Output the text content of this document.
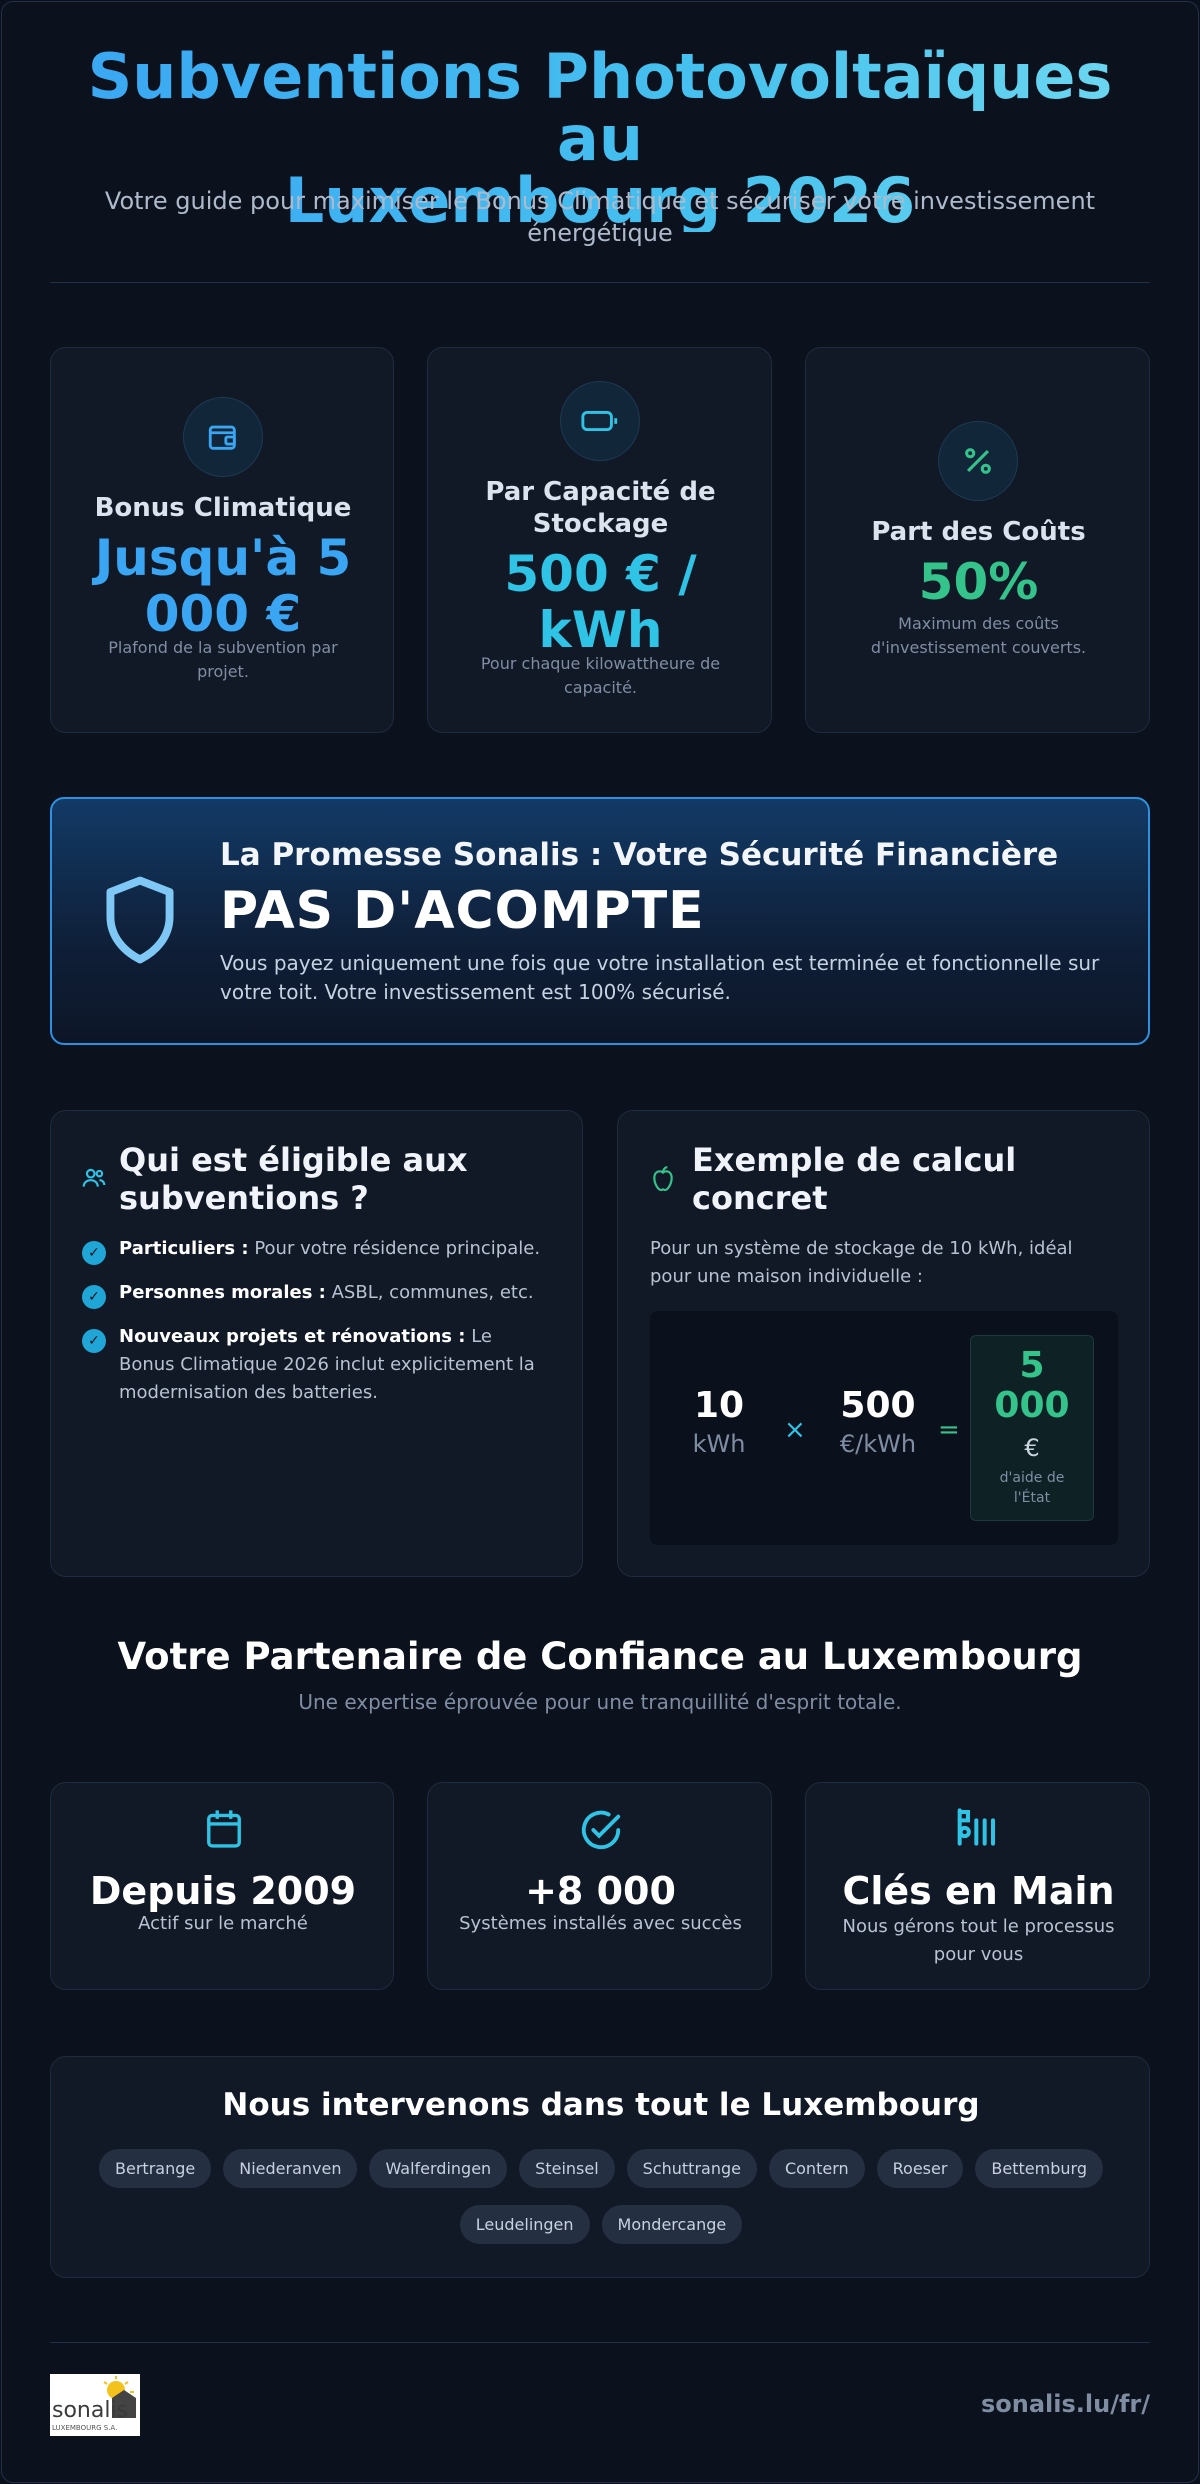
Subventions Photovoltaïques au
Luxembourg 2026
Votre guide pour maximiser le Bonus Climatique et sécuriser votre investissement
énergétique
Bonus Climatique
Jusqu'à 5
000 €
Plafond de la subvention par
projet.
Par Capacité de
Stockage
500 € /
kWh
Pour chaque kilowattheure de
capacité.
Part des Coûts
50%
Maximum des coûts
d'investissement couverts.
La Promesse Sonalis : Votre Sécurité Financière
PAS D'ACOMPTE
Vous payez uniquement une fois que votre installation est terminée et fonctionnelle sur
votre toit. Votre investissement est 100% sécurisé.
Qui est éligible aux
subventions ?
✓	Particuliers : Pour votre résidence principale.
✓	Personnes morales : ASBL, communes, etc.
✓	Nouveaux projets et rénovations : Le
Bonus Climatique 2026 inclut explicitement la
modernisation des batteries.
Exemple de calcul
concret
Pour un système de stockage de 10 kWh, idéal
pour une maison individuelle :
10
kWh	×
500
€/kWh =
5
000
€
d'aide de
l'État
Votre Partenaire de Confiance au Luxembourg
Une expertise éprouvée pour une tranquillité d'esprit totale.
Depuis 2009
Actif sur le marché
+8 000
Systèmes installés avec succès
Clés en Main
Nous gérons tout le processus
pour vous
Nous intervenons dans tout le Luxembourg
Bertrange	Niederanven	Walferdingen	Steinsel	Schuttrange	Contern	Roeser	Bettemburg
Leudelingen	Mondercange
sonalis
LUXEMBOURG S.A.
sonalis.lu/fr/
